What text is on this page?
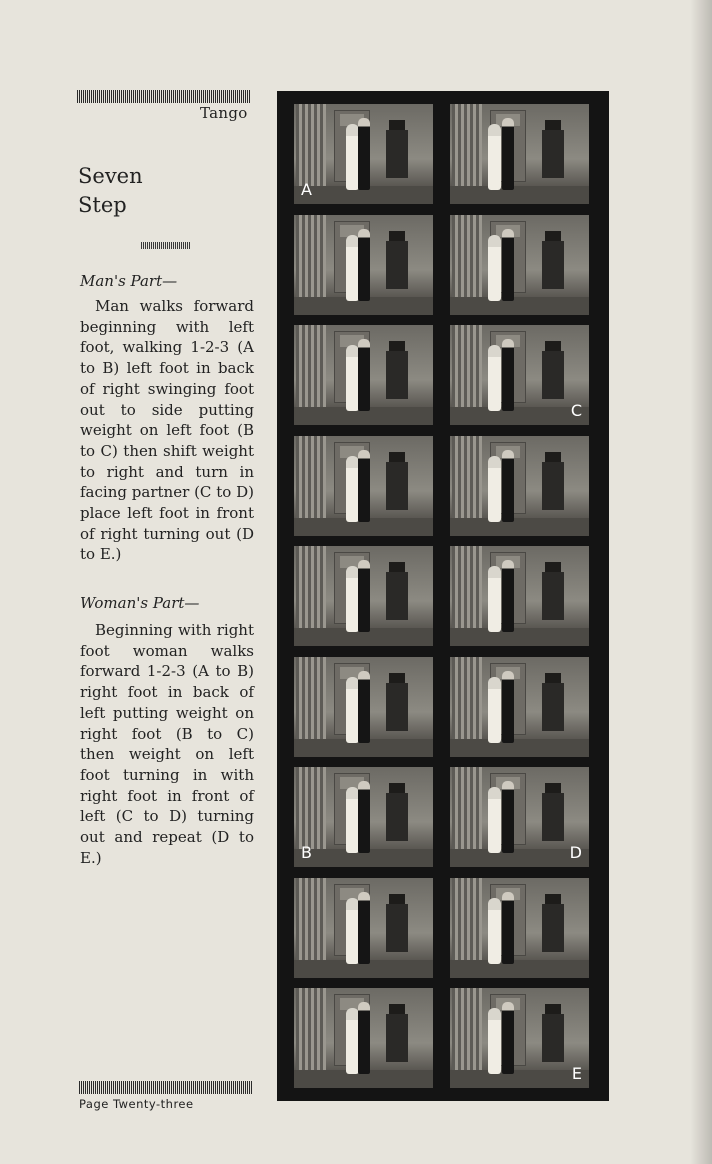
Tango
Seven
Step
Man's Part—
Man walks forward beginning with left foot, walking 1-2-3 (A to B) left foot in back of right swinging foot out to side putting weight on left foot (B to C) then shift weight to right and turn in facing partner (C to D) place left foot in front of right turning out (D to E.)
Woman's Part—
Beginning with right foot woman walks forward 1-2-3 (A to B) right foot in back of left putting weight on right foot (B to C) then weight on left foot turning in with right foot in front of left (C to D) turning out and repeat (D to E.)
A
C
B	D
E
Page Twenty-three
